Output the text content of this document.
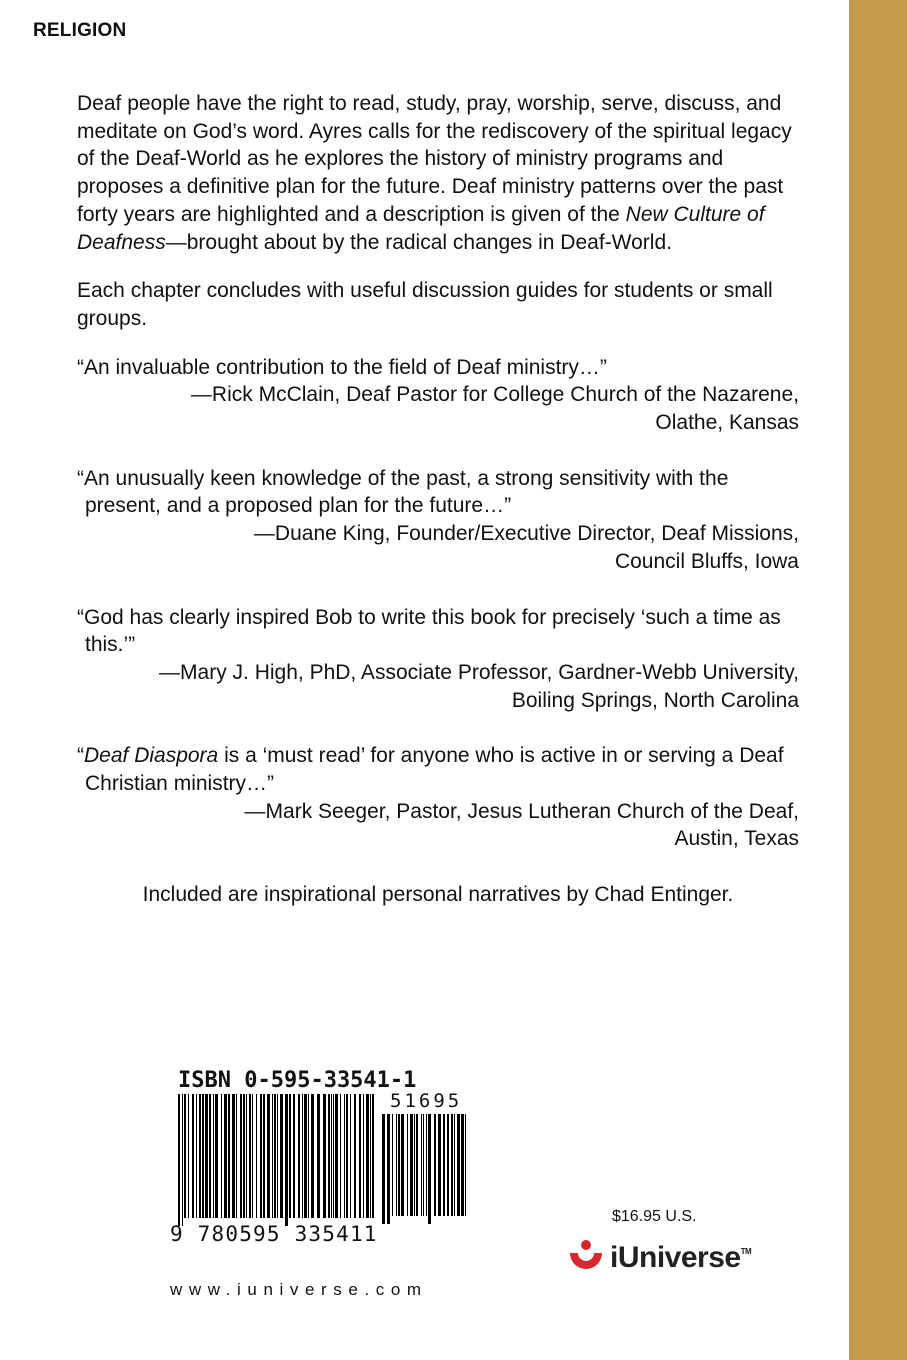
RELIGION

Deaf people have the right to read, study, pray, worship, serve, discuss, and meditate on God’s word. Ayres calls for the rediscovery of the spiritual legacy of the Deaf-World as he explores the history of ministry programs and proposes a definitive plan for the future. Deaf ministry patterns over the past forty years are highlighted and a description is given of the New Culture of Deafness—brought about by the radical changes in Deaf-World.

Each chapter concludes with useful discussion guides for students or small groups.

“An invaluable contribution to the field of Deaf ministry…”

—Rick McClain, Deaf Pastor for College Church of the Nazarene,

Olathe, Kansas

“An unusually keen knowledge of the past, a strong sensitivity with the present, and a proposed plan for the future…”

—Duane King, Founder/Executive Director, Deaf Missions,

Council Bluffs, Iowa

“God has clearly inspired Bob to write this book for precisely ‘such a time as this.’”

—Mary J. High, PhD, Associate Professor, Gardner-Webb University,

Boiling Springs, North Carolina

“Deaf Diaspora is a ‘must read’ for anyone who is active in or serving a Deaf Christian ministry…”

—Mark Seeger, Pastor, Jesus Lutheran Church of the Deaf,

Austin, Texas

Included are inspirational personal narratives by Chad Entinger.

ISBN 0-595-33541-1
51695
9 780595 335411
www.iuniverse.com
$16.95 U.S.
iUniverse™
